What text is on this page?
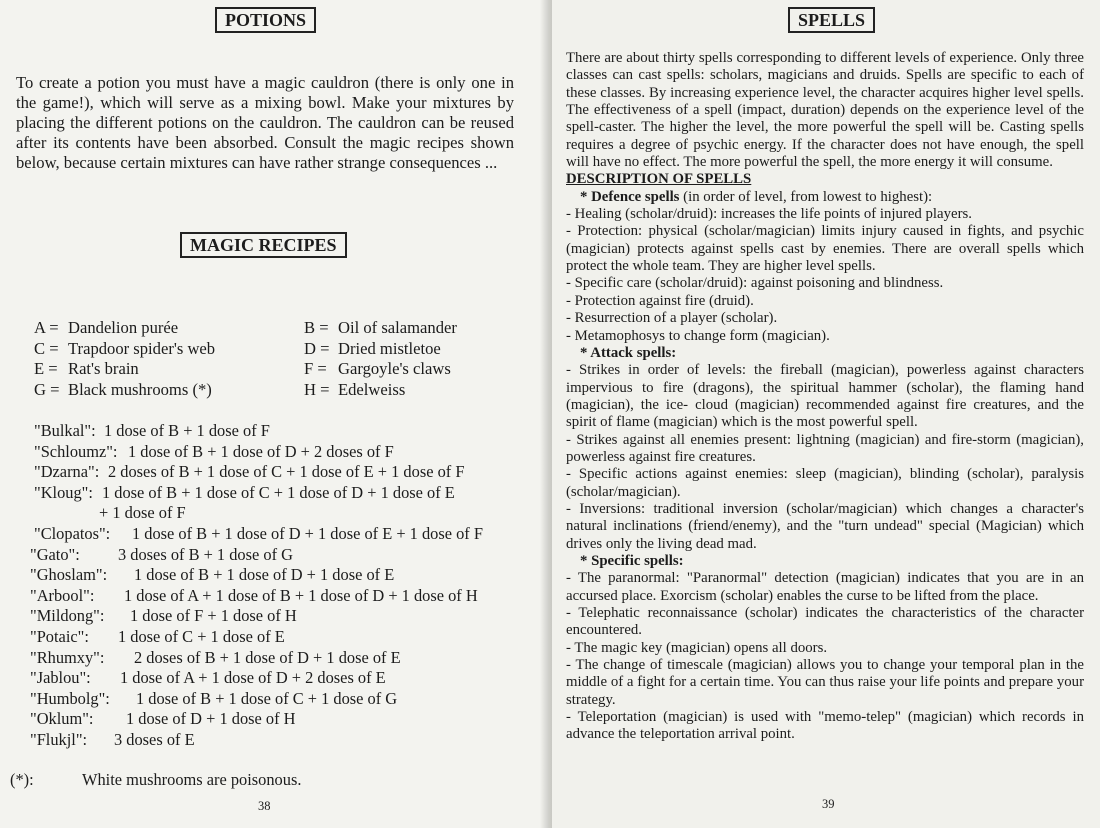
POTIONS
To create a potion you must have a magic cauldron (there is only one in the game!), which will serve as a mixing bowl. Make your mixtures by placing the different potions on the cauldron. The cauldron can be reused after its contents have been absorbed. Consult the magic recipes shown below, because certain mixtures can have rather strange consequences ...
MAGIC RECIPES
A = Dandelion purée	B = Oil of salamander
C = Trapdoor spider's web	D = Dried mistletoe
E = Rat's brain	F = Gargoyle's claws
G = Black mushrooms (*)	H = Edelweiss
"Bulkal": 1 dose of B + 1 dose of F
"Schloumz": 1 dose of B + 1 dose of D + 2 doses of F
"Dzarna": 2 doses of B + 1 dose of C + 1 dose of E + 1 dose of F
"Kloug": 1 dose of B + 1 dose of C + 1 dose of D + 1 dose of E
+ 1 dose of F
"Clopatos": 1 dose of B + 1 dose of D + 1 dose of E + 1 dose of F
"Gato": 3 doses of B + 1 dose of G
"Ghoslam": 1 dose of B + 1 dose of D + 1 dose of E
"Arbool": 1 dose of A + 1 dose of B + 1 dose of D + 1 dose of H
"Mildong": 1 dose of F + 1 dose of H
"Potaic": 1 dose of C + 1 dose of E
"Rhumxy": 2 doses of B + 1 dose of D + 1 dose of E
"Jablou": 1 dose of A + 1 dose of D + 2 doses of E
"Humbolg": 1 dose of B + 1 dose of C + 1 dose of G
"Oklum": 1 dose of D + 1 dose of H
"Flukjl": 3 doses of E
(*):	White mushrooms are poisonous.
38
SPELLS

There are about thirty spells corresponding to different levels of experience. Only three classes can cast spells: scholars, magicians and druids. Spells are specific to each of these classes. By increasing experience level, the character acquires higher level spells. The effectiveness of a spell (impact, duration) depends on the experience level of the spell-caster. The higher the level, the more powerful the spell will be. Casting spells requires a degree of psychic energy. If the character does not have enough, the spell will have no effect. The more powerful the spell, the more energy it will consume.

DESCRIPTION OF SPELLS

* Defence spells (in order of level, from lowest to highest):

- Healing (scholar/druid): increases the life points of injured players.

- Protection: physical (scholar/magician) limits injury caused in fights, and psychic (magician) protects against spells cast by enemies. There are overall spells which protect the whole team. They are higher level spells.

- Specific care (scholar/druid): against poisoning and blindness.

- Protection against fire (druid).

- Resurrection of a player (scholar).

- Metamophosys to change form (magician).

* Attack spells:

- Strikes in order of levels: the fireball (magician), powerless against characters impervious to fire (dragons), the spiritual hammer (scholar), the flaming hand (magician), the ice- cloud (magician) recommended against fire creatures, and the spirit of flame (magician) which is the most powerful spell.

- Strikes against all enemies present: lightning (magician) and fire-storm (magician), powerless against fire creatures.

- Specific actions against enemies: sleep (magician), blinding (scholar), paralysis (scholar/magician).

- Inversions: traditional inversion (scholar/magician) which changes a character's natural inclinations (friend/enemy), and the "turn undead" special (Magician) which drives only the living dead mad.

* Specific spells:

- The paranormal: "Paranormal" detection (magician) indicates that you are in an accursed place. Exorcism (scholar) enables the curse to be lifted from the place.

- Telephatic reconnaissance (scholar) indicates the characteristics of the character encountered.

- The magic key (magician) opens all doors.

- The change of timescale (magician) allows you to change your temporal plan in the middle of a fight for a certain time. You can thus raise your life points and prepare your strategy.

- Teleportation (magician) is used with "memo-telep" (magician) which records in advance the teleportation arrival point.

39
